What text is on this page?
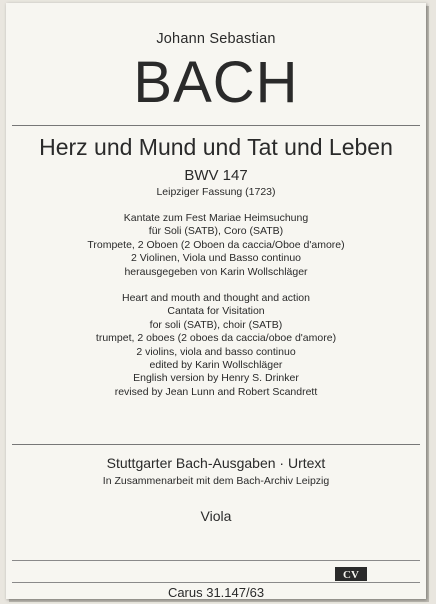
Johann Sebastian
BACH
Herz und Mund und Tat und Leben
BWV 147
Leipziger Fassung (1723)
Kantate zum Fest Mariae Heimsuchung
für Soli (SATB), Coro (SATB)
Trompete, 2 Oboen (2 Oboen da caccia/Oboe d'amore)
2 Violinen, Viola und Basso continuo
herausgegeben von Karin Wollschläger
Heart and mouth and thought and action
Cantata for Visitation
for soli (SATB), choir (SATB)
trumpet, 2 oboes (2 oboes da caccia/oboe d'amore)
2 violins, viola and basso continuo
edited by Karin Wollschläger
English version by Henry S. Drinker
revised by Jean Lunn and Robert Scandrett
Stuttgarter Bach-Ausgaben · Urtext
In Zusammenarbeit mit dem Bach-Archiv Leipzig
Viola
CV
Carus 31.147/63
